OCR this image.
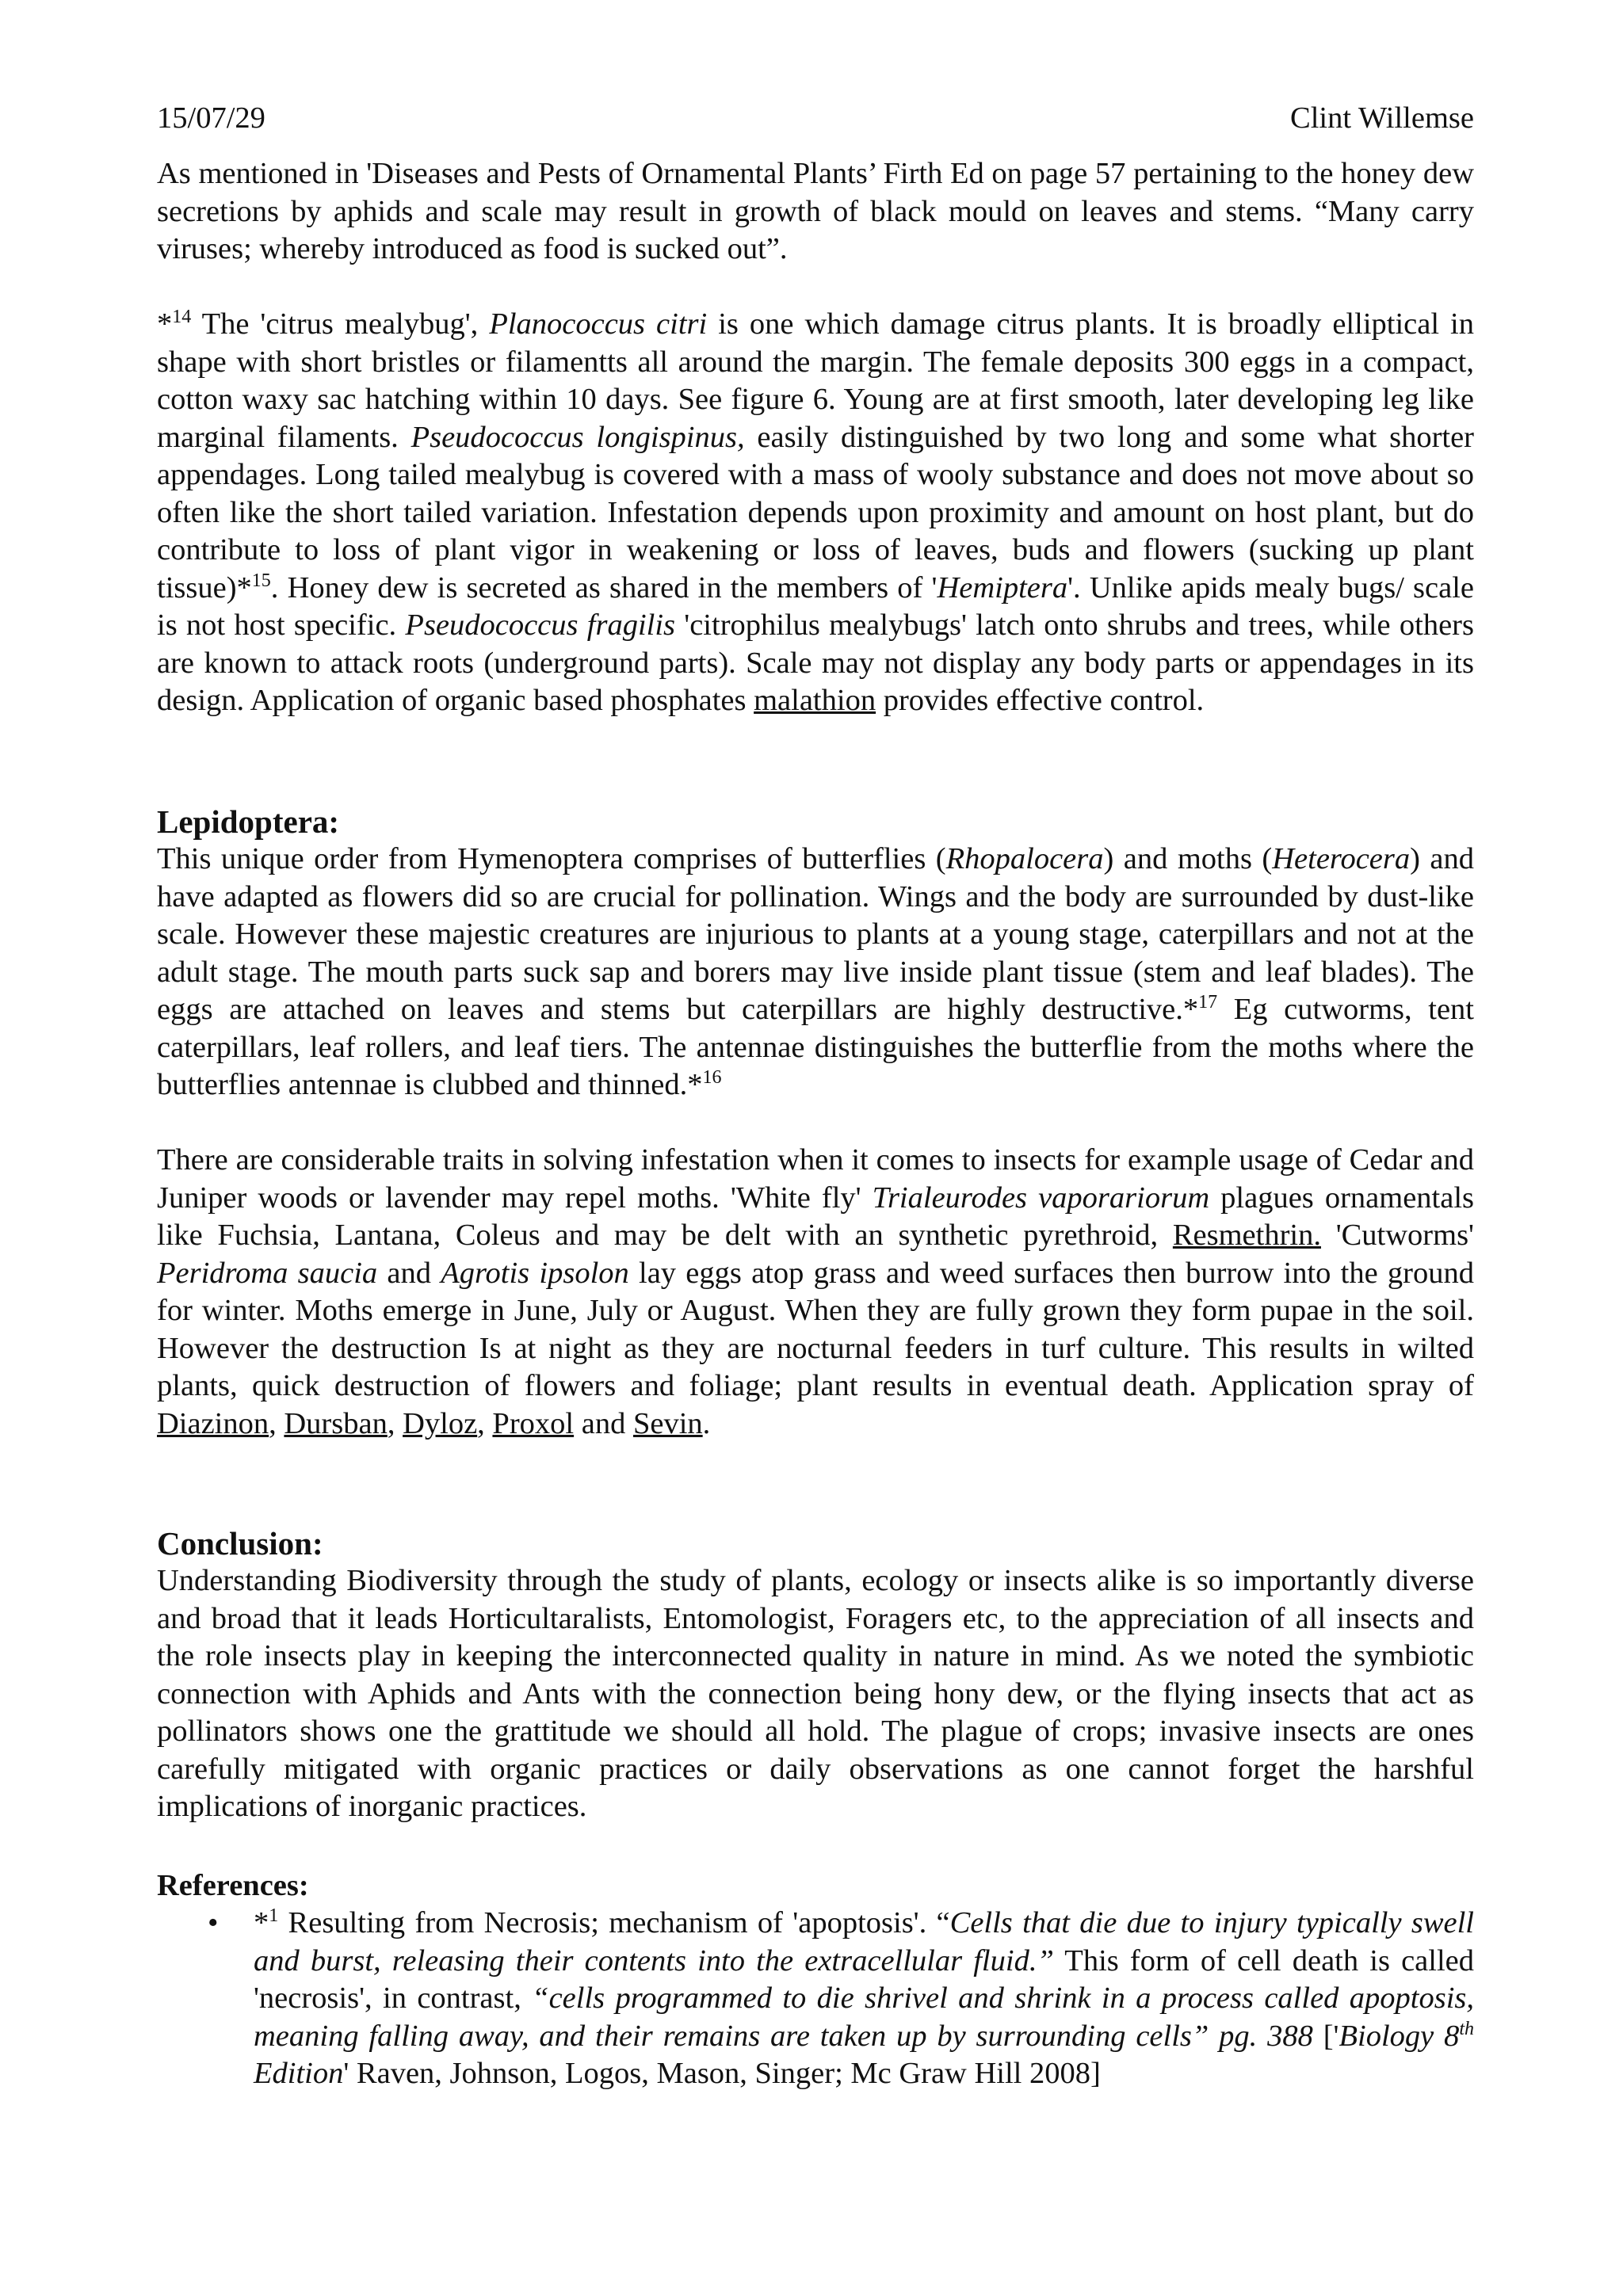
15/07/29	Clint Willemse

As mentioned in 'Diseases and Pests of Ornamental Plants’ Firth Ed on page 57 pertaining to the honey dew secretions by aphids and scale may result in growth of black mould on leaves and stems. “Many carry viruses; whereby introduced as food is sucked out”.

*$^{14}$ The 'citrus mealybug', Planococcus citri is one which damage citrus plants. It is broadly elliptical in shape with short bristles or filamentts all around the margin. The female deposits 300 eggs in a compact, cotton waxy sac hatching within 10 days. See figure 6. Young are at first smooth, later developing leg like marginal filaments. Pseudococcus longispinus, easily distinguished by two long and some what shorter appendages. Long tailed mealybug is covered with a mass of wooly substance and does not move about so often like the short tailed variation. Infestation depends upon proximity and amount on host plant, but do contribute to loss of plant vigor in weakening or loss of leaves, buds and flowers (sucking up plant tissue)*$^{15}$. Honey dew is secreted as shared in the members of 'Hemiptera'. Unlike apids mealy bugs/ scale is not host specific. Pseudococcus fragilis 'citrophilus mealybugs' latch onto shrubs and trees, while others are known to attack roots (underground parts). Scale may not display any body parts or appendages in its design. Application of organic based phosphates malathion provides effective control.

Lepidoptera:

This unique order from Hymenoptera comprises of butterflies (Rhopalocera) and moths (Heterocera) and have adapted as flowers did so are crucial for pollination. Wings and the body are surrounded by dust-like scale. However these majestic creatures are injurious to plants at a young stage, caterpillars and not at the adult stage. The mouth parts suck sap and borers may live inside plant tissue (stem and leaf blades). The eggs are attached on leaves and stems but caterpillars are highly destructive.*$^{17}$ Eg cutworms, tent caterpillars, leaf rollers, and leaf tiers. The antennae distinguishes the butterflie from the moths where the butterflies antennae is clubbed and thinned.*$^{16}$

There are considerable traits in solving infestation when it comes to insects for example usage of Cedar and Juniper woods or lavender may repel moths. 'White fly' Trialeurodes vaporariorum plagues ornamentals like Fuchsia, Lantana, Coleus and may be delt with an synthetic pyrethroid, Resmethrin. 'Cutworms' Peridroma saucia and Agrotis ipsolon lay eggs atop grass and weed surfaces then burrow into the ground for winter. Moths emerge in June, July or August. When they are fully grown they form pupae in the soil. However the destruction Is at night as they are nocturnal feeders in turf culture. This results in wilted plants, quick destruction of flowers and foliage; plant results in eventual death. Application spray of Diazinon, Dursban, Dyloz, Proxol and Sevin.

Conclusion:

Understanding Biodiversity through the study of plants, ecology or insects alike is so importantly diverse and broad that it leads Horticultaralists, Entomologist, Foragers etc, to the appreciation of all insects and the role insects play in keeping the interconnected quality in nature in mind. As we noted the symbiotic connection with Aphids and Ants with the connection being hony dew, or the flying insects that act as pollinators shows one the grattitude we should all hold. The plague of crops; invasive insects are ones carefully mitigated with organic practices or daily observations as one cannot forget the harshful implications of inorganic practices.

References:
• *$^1$ Resulting from Necrosis; mechanism of 'apoptosis'. “Cells that die due to injury typically swell and burst, releasing their contents into the extracellular fluid.” This form of cell death is called 'necrosis', in contrast, “cells programmed to die shrivel and shrink in a process called apoptosis, meaning falling away, and their remains are taken up by surrounding cells” pg. 388 ['Biology 8th Edition' Raven, Johnson, Logos, Mason, Singer; Mc Graw Hill 2008]
